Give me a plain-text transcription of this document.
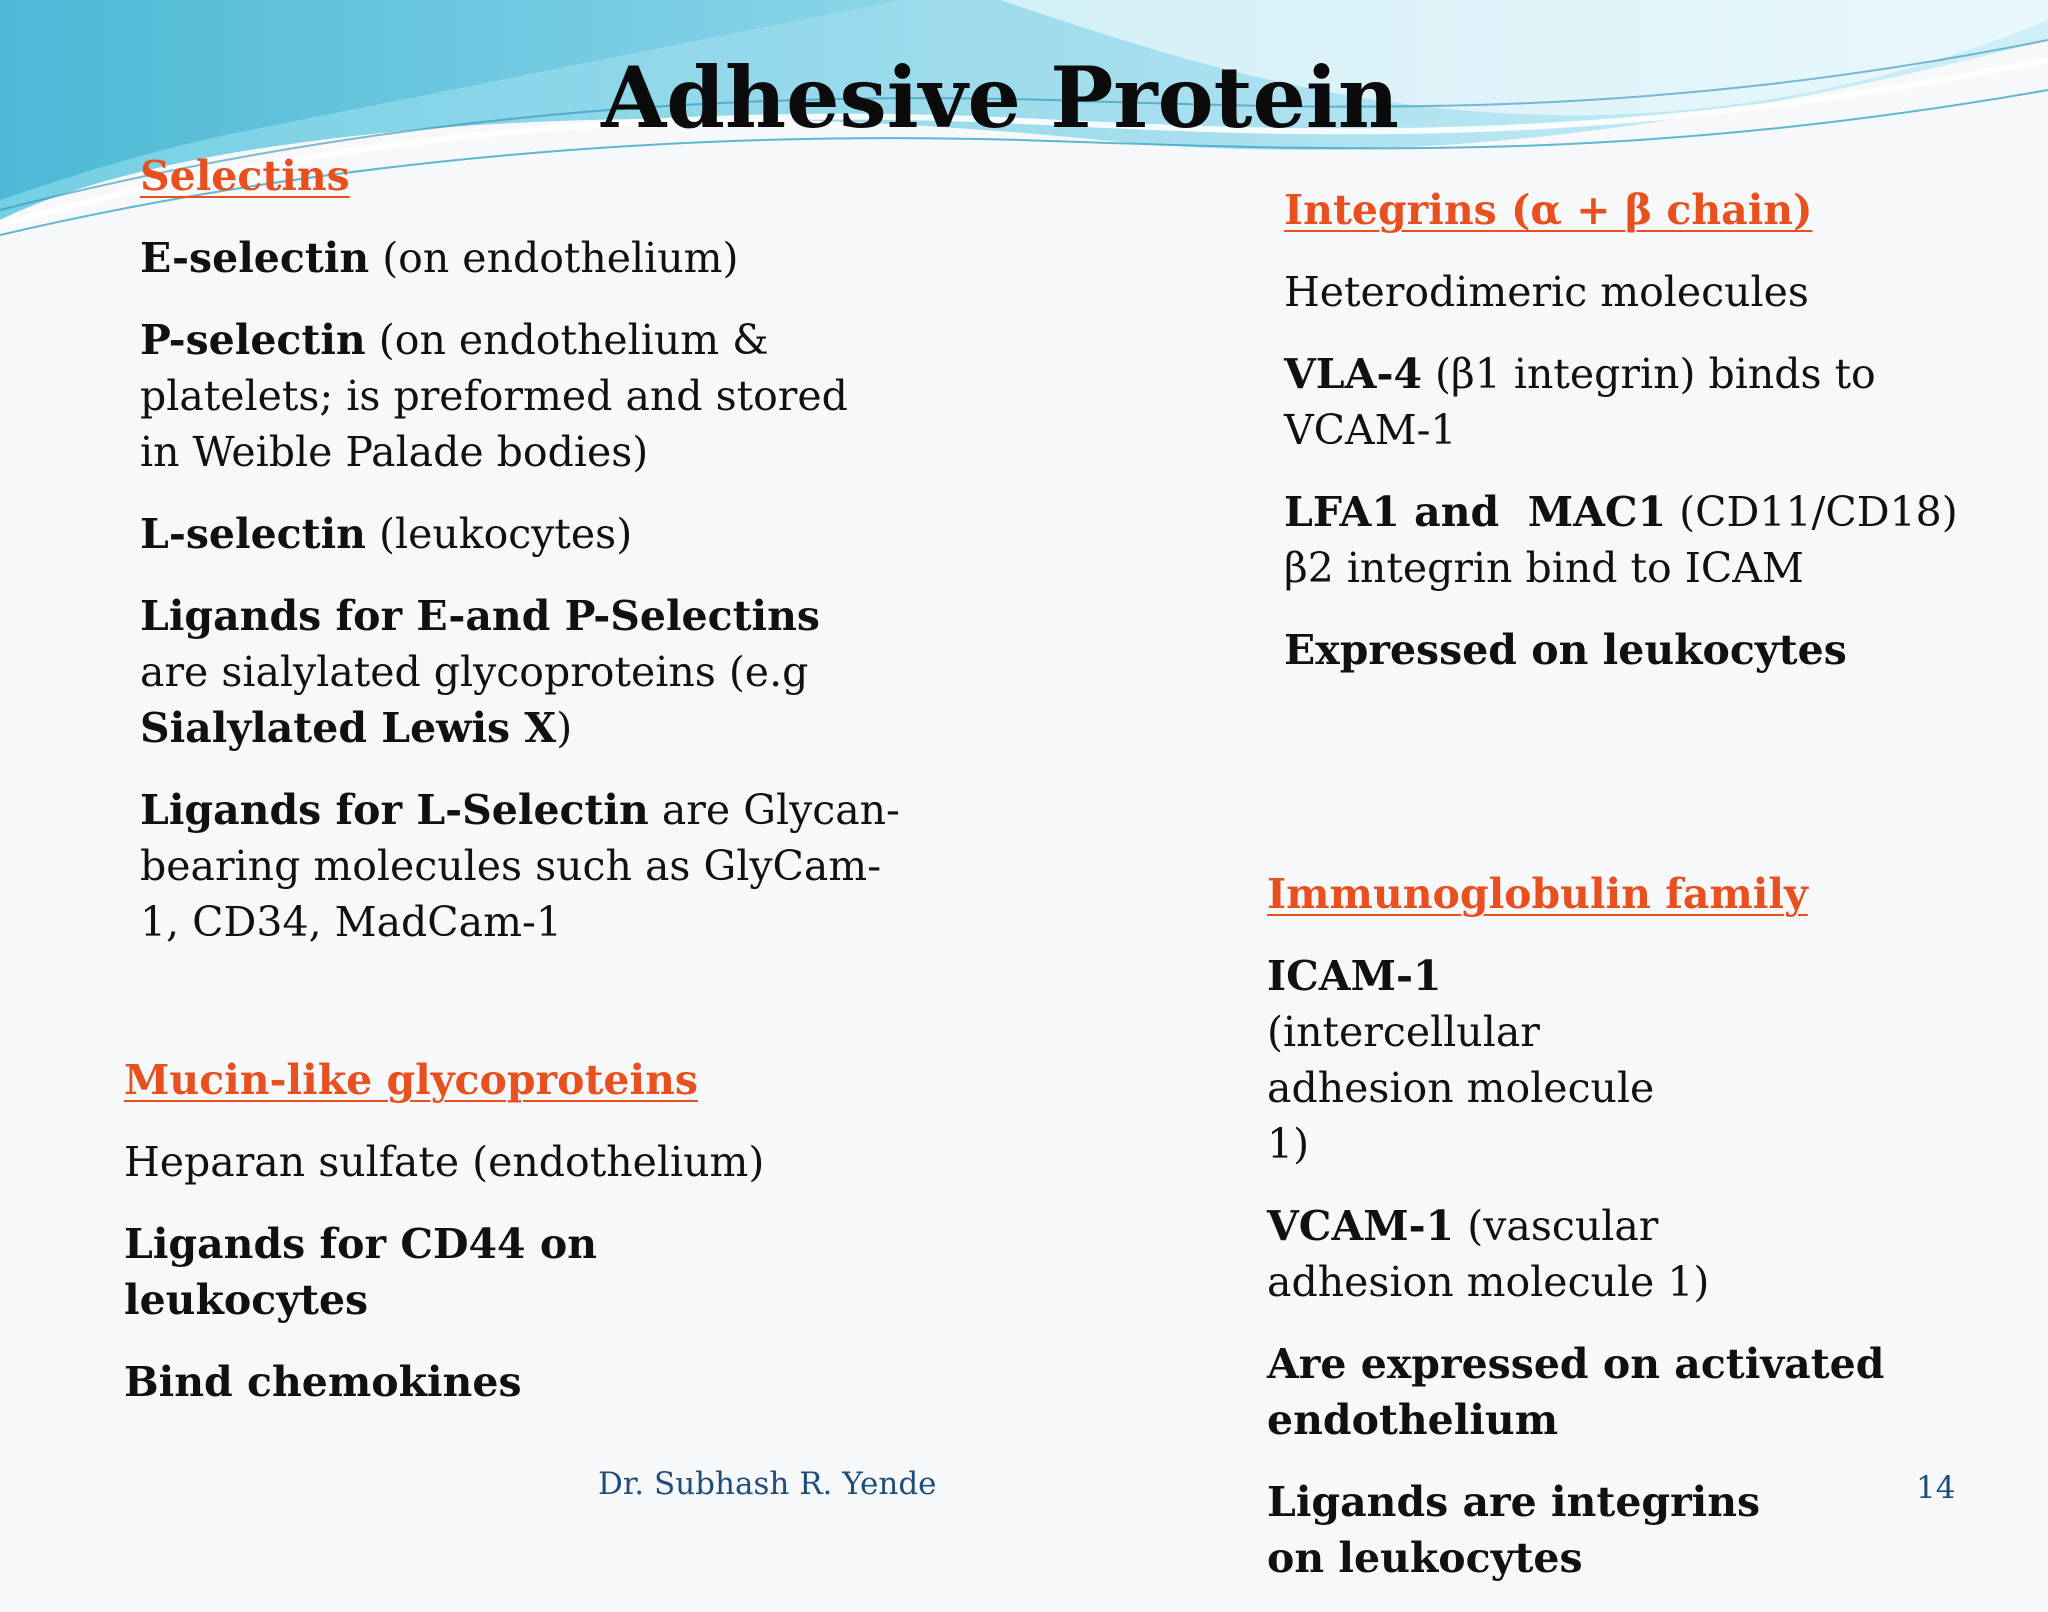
Adhesive Protein
Selectins

E-selectin (on endothelium)

P-selectin (on endothelium & platelets; is preformed and stored in Weible Palade bodies)

L-selectin (leukocytes)

Ligands for E-and P-Selectins are sialylated glycoproteins (e.g Sialylated Lewis X)

Ligands for L-Selectin are Glycan-bearing molecules such as GlyCam-1, CD34, MadCam-1

Integrins (α + β chain)

Heterodimeric molecules

VLA-4 (β1 integrin) binds to VCAM-1

LFA1 and  MAC1 (CD11/CD18) β2 integrin bind to ICAM

Expressed on leukocytes

Mucin-like glycoproteins

Heparan sulfate (endothelium)

Ligands for CD44 on leukocytes

Bind chemokines

Immunoglobulin family

ICAM-1 (intercellular adhesion molecule 1)

VCAM-1 (vascular adhesion molecule 1)

Are expressed on activated endothelium

Ligands are integrins on leukocytes

Dr. Subhash R. Yende	14
